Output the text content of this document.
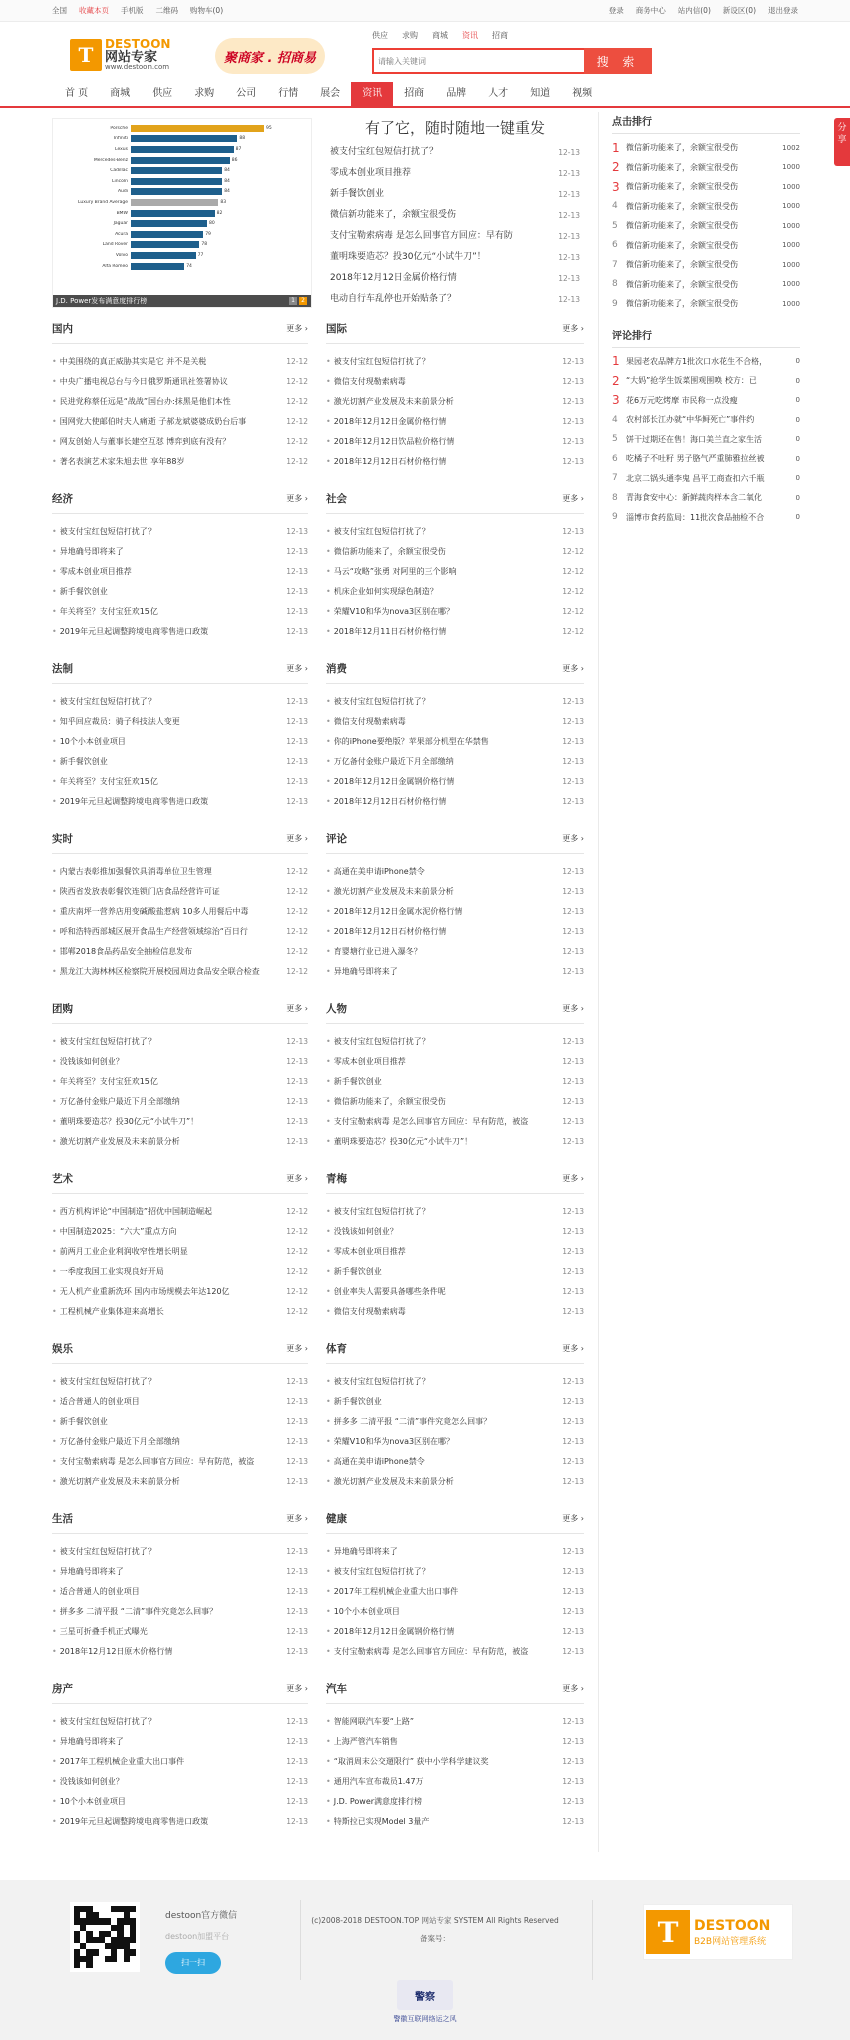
全国 收藏本页 手机版 二维码 购物车(0)	登录 商务中心 站内信(0) 新设区(0) 退出登录
T DESTOON
网站专家
www.destoon.com
聚商家 . 招商易
供应 求购 商城 资讯 招商
请输入关键词
搜 索
首 页	商城	供应	求购	公司	行情	展会	资讯	招商	品牌	人才	知道	视频
分享
Porsche	95
Infiniti	88
Lexus	87
Mercedes-Benz	86
Cadillac	84
Lincoln	84
Audi	84
Luxury Brand Average	83
BMW	82
Jaguar	80
Acura	79
Land Rover	78
Volvo	77
Alfa Romeo	74
J.D. Power发布满意度排行榜	1	2
有了它，随时随地一键重发
被支付宝红包短信打扰了？	12-13
零成本创业项目推荐	12-13
新手餐饮创业	12-13
微信新功能来了，余额宝很受伤	12-13
支付宝勒索病毒 是怎么回事官方回应：早有防	12-13
董明珠要造芯？投30亿元“小试牛刀”！	12-13
2018年12月12日金属价格行情	12-13
电动自行车乱停也开始贴条了？	12-13
点击排行
1 微信新功能来了，余额宝很受伤	1002
2 微信新功能来了，余额宝很受伤	1000
3 微信新功能来了，余额宝很受伤	1000
4	微信新功能来了，余额宝很受伤	1000
5	微信新功能来了，余额宝很受伤	1000
6	微信新功能来了，余额宝很受伤	1000
7	微信新功能来了，余额宝很受伤	1000
8	微信新功能来了，余额宝很受伤	1000
9	微信新功能来了，余额宝很受伤	1000
评论排行
1 果园老农品牌方1批次口水花生不合格，	0
2 “大妈”抢学生饭菜围观围唤 校方：已	0
3 花6万元吃烤摩 市民称一点没瘦	0
4	农村部长江办就“中华鲟死亡”事件约	0
5	饼干过期还在售！海口美兰直之家生活	0
6	吃橘子不吐籽 男子胳气严重肺雅拉丝被	0
7	北京二锅头通李鬼 昌平工商查扣六千瓶	0
8	青海食安中心：新鲜蔬肉样本含二氧化	0
9	淄博市食药监局：11批次食品抽检不合	0
国内	更多 ›
• 中美围绕的真正威胁其实是它 并不是关税	12-12
• 中央广播电视总台与今日俄罗斯通讯社签署协议	12-12
• 民进党称蔡任远是“战战”国台办:抹黑是他们本性	12-12
• 国网党大使邮伯时夫人痛逝 子郝龙斌婆婆成奶台后事	12-12
• 网友创始人与董事长建空互怼 博弈到底有没有？	12-12
• 著名表演艺术家朱旭去世 享年88岁	12-12
国际	更多 ›
• 被支付宝红包短信打扰了？	12-13
• 微信支付现勒索病毒	12-13
• 激光切割产业发展及未来前景分析	12-13
• 2018年12月12日金属价格行情	12-13
• 2018年12月12日饮品粒价格行情	12-13
• 2018年12月12日石材价格行情	12-13
经济	更多 ›
• 被支付宝红包短信打扰了？	12-13
• 异地确号即将来了	12-13
• 零成本创业项目推荐	12-13
• 新手餐饮创业	12-13
• 年关将至？支付宝狂欢15亿	12-13
• 2019年元旦起调整跨境电商零售进口政策	12-13
社会	更多 ›
• 被支付宝红包短信打扰了？	12-13
• 微信新功能来了，余额宝很受伤	12-12
• 马云“攻略”张勇 对阿里的三个影响	12-12
• 机床企业如何实现绿色制造？	12-12
• 荣耀V10和华为nova3区别在哪？	12-12
• 2018年12月11日石材价格行情	12-12
法制	更多 ›
• 被支付宝红包短信打扰了？	12-13
• 知乎回应裁员：骑子科技法人变更	12-13
• 10个小本创业项目	12-13
• 新手餐饮创业	12-13
• 年关将至？支付宝狂欢15亿	12-13
• 2019年元旦起调整跨境电商零售进口政策	12-13
消费	更多 ›
• 被支付宝红包短信打扰了？	12-13
• 微信支付现勒索病毒	12-13
• 你的iPhone要绝版？苹果部分机型在华禁售	12-13
• 万亿备付金账户最近下月全部缴纳	12-13
• 2018年12月12日金属钢价格行情	12-13
• 2018年12月12日石材价格行情	12-13
实时	更多 ›
• 内蒙古表彰推加强餐饮具消毒单位卫生管理	12-12
• 陕西省发放表彰餐饮连锁门店食品经营许可证	12-12
• 重庆南坪一营养店用变碱酸盐惹病 10多人用餐后中毒	12-12
• 呼和浩特西部城区展开食品生产经营领域综治“百日行	12-12
• 邯郸2018食品药品安全抽检信息发布	12-12
• 黑龙江大海林林区检察院开展校园周边食品安全联合检查	12-12
评论	更多 ›
• 高通在美申请iPhone禁令	12-13
• 激光切割产业发展及未来前景分析	12-13
• 2018年12月12日金属水泥价格行情	12-13
• 2018年12月12日石材价格行情	12-13
• 育婴塘行业已进入瀑冬？	12-13
• 异地确号即将来了	12-13
团购	更多 ›
• 被支付宝红包短信打扰了？	12-13
• 没钱该如何创业？	12-13
• 年关将至？支付宝狂欢15亿	12-13
• 万亿备付金账户最近下月全部缴纳	12-13
• 董明珠要造芯？投30亿元“小试牛刀”！	12-13
• 激光切割产业发展及未来前景分析	12-13
人物	更多 ›
• 被支付宝红包短信打扰了？	12-13
• 零成本创业项目推荐	12-13
• 新手餐饮创业	12-13
• 微信新功能来了，余额宝很受伤	12-13
• 支付宝勒索病毒 是怎么回事官方回应：早有防范，被盗	12-13
• 董明珠要造芯？投30亿元“小试牛刀”！	12-13
艺术	更多 ›
• 西方机构评论“中国制造”招优中国制造崛起	12-12
• 中国制造2025：“六大”重点方向	12-12
• 前两月工业企业利润收窄性增长明显	12-12
• 一季度我国工业实现良好开局	12-12
• 无人机产业重新洗环 国内市场规模去年达120亿	12-12
• 工程机械产业集体迎来高增长	12-12
青梅	更多 ›
• 被支付宝红包短信打扰了？	12-13
• 没钱该如何创业？	12-13
• 零成本创业项目推荐	12-13
• 新手餐饮创业	12-13
• 创业率失人需要具备哪些条件呢	12-13
• 微信支付现勒索病毒	12-13
娱乐	更多 ›
• 被支付宝红包短信打扰了？	12-13
• 适合普通人的创业项目	12-13
• 新手餐饮创业	12-13
• 万亿备付金账户最近下月全部缴纳	12-13
• 支付宝勒索病毒 是怎么回事官方回应：早有防范，被盗	12-13
• 激光切割产业发展及未来前景分析	12-13
体育	更多 ›
• 被支付宝红包短信打扰了？	12-13
• 新手餐饮创业	12-13
• 拼多多 二清平报 “二清”事件究竟怎么回事？	12-13
• 荣耀V10和华为nova3区别在哪？	12-13
• 高通在美申请iPhone禁令	12-13
• 激光切割产业发展及未来前景分析	12-13
生活	更多 ›
• 被支付宝红包短信打扰了？	12-13
• 异地确号即将来了	12-13
• 适合普通人的创业项目	12-13
• 拼多多 二清平报 “二清”事件究竟怎么回事？	12-13
• 三星可折叠手机正式曝光	12-13
• 2018年12月12日原木价格行情	12-13
健康	更多 ›
• 异地确号即将来了	12-13
• 被支付宝红包短信打扰了？	12-13
• 2017年工程机械企业重大出口事件	12-13
• 10个小本创业项目	12-13
• 2018年12月12日金属钢价格行情	12-13
• 支付宝勒索病毒 是怎么回事官方回应：早有防范，被盗	12-13
房产	更多 ›
• 被支付宝红包短信打扰了？	12-13
• 异地确号即将来了	12-13
• 2017年工程机械企业重大出口事件	12-13
• 没钱该如何创业？	12-13
• 10个小本创业项目	12-13
• 2019年元旦起调整跨境电商零售进口政策	12-13
汽车	更多 ›
• 智能网联汽车要“上路”	12-13
• 上海严管汽车销售	12-13
• “取消周末公交遛限行” 获中小学科学建议奖	12-13
• 通用汽车宣布裁员1.47万	12-13
• J.D. Power满意度排行榜	12-13
• 特斯拉已实现Model 3量产	12-13
destoon官方微信
destoon加盟平台
扫一扫
(c)2008-2018 DESTOON.TOP 网站专家 SYSTEM All Rights Reserved
备案号：	T	DESTOON
B2B网站管理系统
警察
警徽互联网络运之风
